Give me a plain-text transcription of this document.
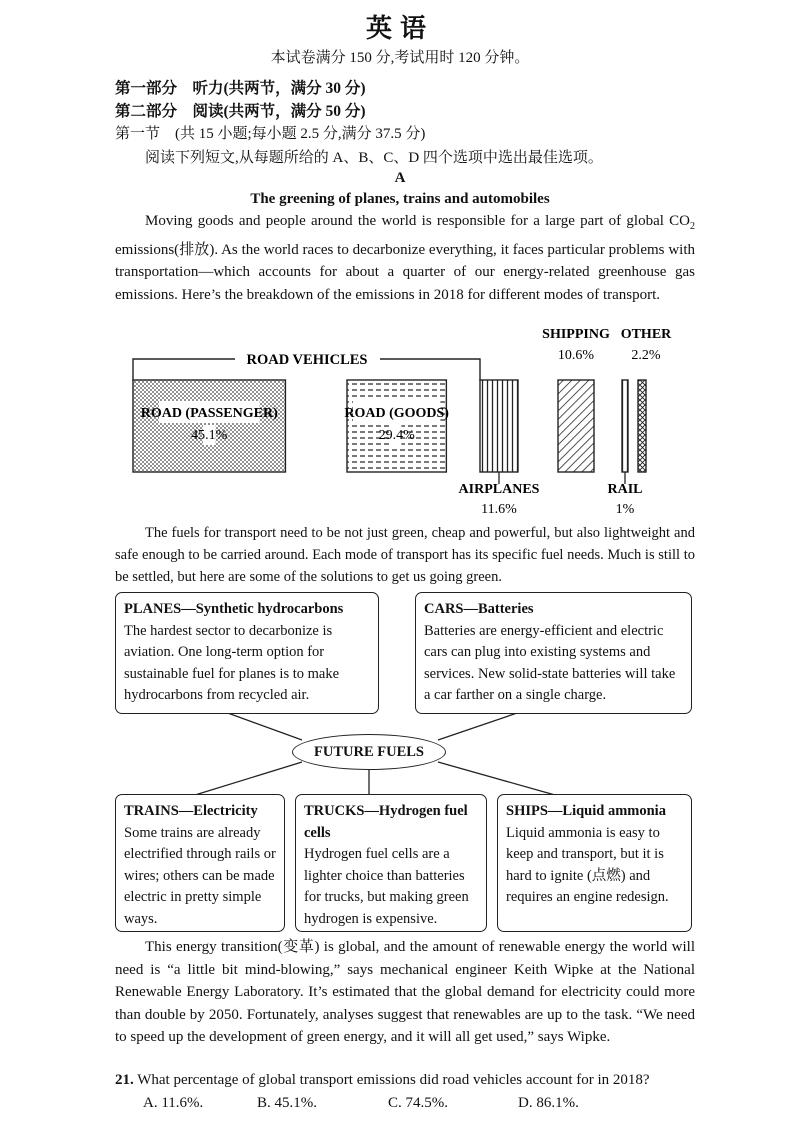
英语
本试卷满分 150 分,考试用时 120 分钟。
第一部分　听力(共两节，满分 30 分)
第二部分　阅读(共两节，满分 50 分)
第一节　(共 15 小题;每小题 2.5 分,满分 37.5 分)
阅读下列短文,从每题所给的 A、B、C、D 四个选项中选出最佳选项。
A
The greening of planes, trains and automobiles

Moving goods and people around the world is responsible for a large part of global $CO_2$ emissions(排放). As the world races to decarbonize everything, it faces particular problems with transportation—which accounts for about a quarter of our energy-related greenhouse gas emissions. Here’s the breakdown of the emissions in 2018 for different modes of transport.

ROAD VEHICLES
ROAD (PASSENGER)
45.1%
ROAD (GOODS)
29.4%
AIRPLANES
11.6%
RAIL
1%
SHIPPING
10.6%
OTHER
2.2%

The fuels for transport need to be not just green, cheap and powerful, but also lightweight and safe enough to be carried around. Each mode of transport has its specific fuel needs. Much is still to be settled, but here are some of the solutions to get us going green.

PLANES—Synthetic hydrocarbons
The hardest sector to decarbonize is aviation. One long-term option for sustainable fuel for planes is to make hydrocarbons from recycled air.
CARS—Batteries
Batteries are energy-efficient and electric cars can plug into existing systems and services. New solid-state batteries will take a car farther on a single charge.
FUTURE FUELS
TRAINS—Electricity
Some trains are already electrified through rails or wires; others can be made electric in pretty simple ways.
TRUCKS—Hydrogen fuel cells
Hydrogen fuel cells are a lighter choice than batteries for trucks, but making green hydrogen is expensive.
SHIPS—Liquid ammonia
Liquid ammonia is easy to keep and transport, but it is hard to ignite (点燃) and requires an engine redesign.

This energy transition(变革) is global, and the amount of renewable energy the world will need is “a little bit mind-blowing,” says mechanical engineer Keith Wipke at the National Renewable Energy Laboratory. It’s estimated that the global demand for electricity could more than double by 2050. Fortunately, analyses suggest that renewables are up to the task. “We need to speed up the development of green energy, and it will all get used,” says Wipke.

21. What percentage of global transport emissions did road vehicles account for in 2018?
A. 11.6%.	B. 45.1%.	C. 74.5%.	D. 86.1%.
